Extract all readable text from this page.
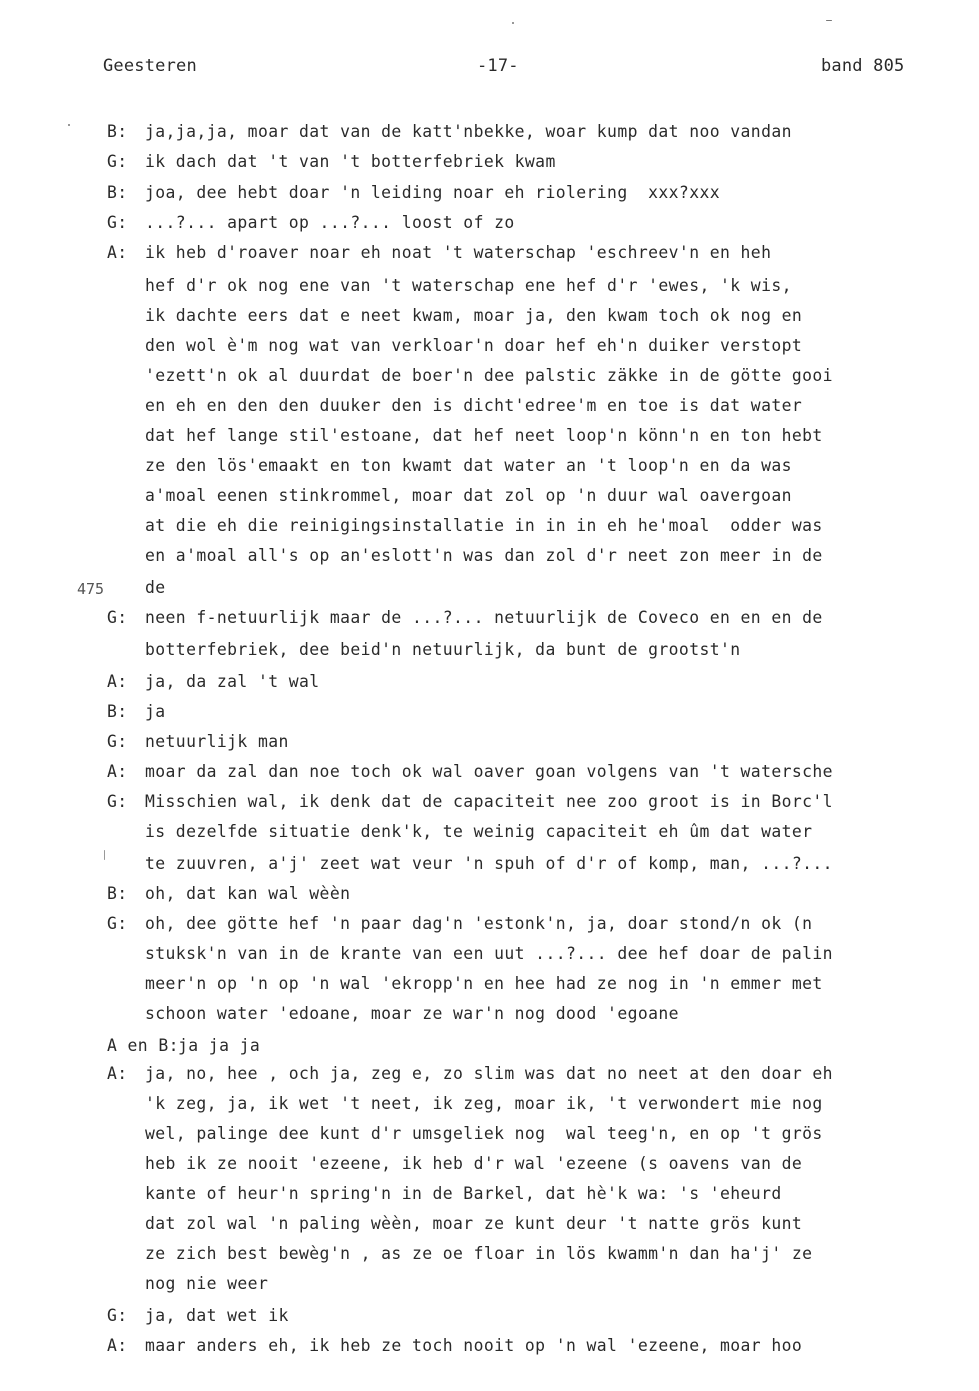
Geesteren	-17-	band 805
475
B: ja,ja,ja, moar dat van de katt'nbekke, woar kump dat noo vandan
G: ik dach dat 't van 't botterfebriek kwam
B: joa, dee hebt doar 'n leiding noar eh riolering  xxx?xxx
G: ...?... apart op ...?... loost of zo
A: ik heb d'roaver noar eh noat 't waterschap 'eschreev'n en heh
hef d'r ok nog ene van 't waterschap ene hef d'r 'ewes, 'k wis,
ik dachte eers dat e neet kwam, moar ja, den kwam toch ok nog en
den wol è'm nog wat van verkloar'n doar hef eh'n duiker verstopt
'ezett'n ok al duurdat de boer'n dee palstic zäkke in de götte gooi
en eh en den den duuker den is dicht'edree'm en toe is dat water
dat hef lange stil'estoane, dat hef neet loop'n könn'n en ton hebt
ze den lös'emaakt en ton kwamt dat water an 't loop'n en da was
a'moal eenen stinkrommel, moar dat zol op 'n duur wal oavergoan
at die eh die reinigingsinstallatie in in in eh he'moal  odder was
en a'moal all's op an'eslott'n was dan zol d'r neet zon meer in de
de
G: neen f-netuurlijk maar de ...?... netuurlijk de Coveco en en en de
botterfebriek, dee beid'n netuurlijk, da bunt de grootst'n
A: ja, da zal 't wal
B: ja
G: netuurlijk man
A: moar da zal dan noe toch ok wal oaver goan volgens van 't watersche
G: Misschien wal, ik denk dat de capaciteit nee zoo groot is in Borc'l
is dezelfde situatie denk'k, te weinig capaciteit eh ûm dat water
te zuuvren, a'j' zeet wat veur 'n spuh of d'r of komp, man, ...?...
B: oh, dat kan wal wèèn
G: oh, dee götte hef 'n paar dag'n 'estonk'n, ja, doar stond/n ok (n
stuksk'n van in de krante van een uut ...?... dee hef doar de palin
meer'n op 'n op 'n wal 'ekropp'n en hee had ze nog in 'n emmer met
schoon water 'edoane, moar ze war'n nog dood 'egoane
A en B: ja ja ja
A: ja, no, hee , och ja, zeg e, zo slim was dat no neet at den doar eh
'k zeg, ja, ik wet 't neet, ik zeg, moar ik, 't verwondert mie nog
wel, palinge dee kunt d'r umsgeliek nog  wal teeg'n, en op 't grös
heb ik ze nooit 'ezeene, ik heb d'r wal 'ezeene (s oavens van de
kante of heur'n spring'n in de Barkel, dat hè'k wa: 's 'eheurd
dat zol wal 'n paling wèèn, moar ze kunt deur 't natte grös kunt
ze zich best bewèg'n , as ze oe floar in lös kwamm'n dan ha'j' ze
nog nie weer
G: ja, dat wet ik
A: maar anders eh, ik heb ze toch nooit op 'n wal 'ezeene, moar hoo
